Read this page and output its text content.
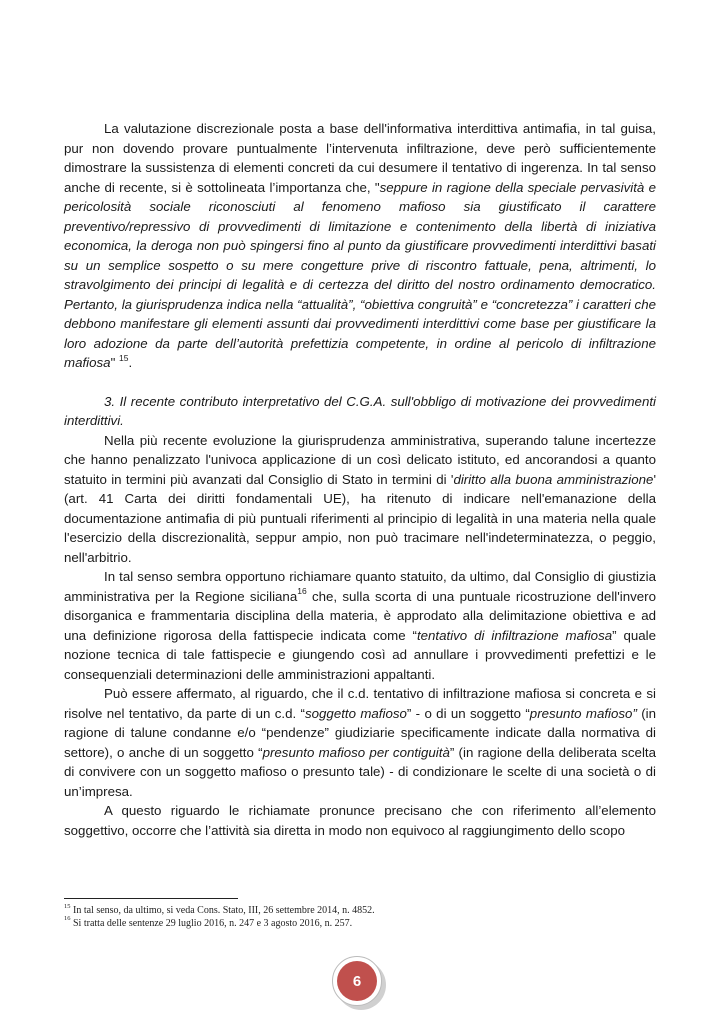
La valutazione discrezionale posta a base dell'informativa interdittiva antimafia, in tal guisa, pur non dovendo provare puntualmente l’intervenuta infiltrazione, deve però sufficientemente dimostrare la sussistenza di elementi concreti da cui desumere il tentativo di ingerenza. In tal senso anche di recente, si è sottolineata l’importanza che, "seppure in ragione della speciale pervasività e pericolosità sociale riconosciuti al fenomeno mafioso sia giustificato il carattere preventivo/repressivo di provvedimenti di limitazione e contenimento della libertà di iniziativa economica, la deroga non può spingersi fino al punto da giustificare provvedimenti interdittivi basati su un semplice sospetto o su mere congetture prive di riscontro fattuale, pena, altrimenti, lo stravolgimento dei principi di legalità e di certezza del diritto del nostro ordinamento democratico. Pertanto, la giurisprudenza indica nella “attualità”, “obiettiva congruità” e “concretezza” i caratteri che debbono manifestare gli elementi assunti dai provvedimenti interdittivi come base per giustificare la loro adozione da parte dell’autorità prefettizia competente, in ordine al pericolo di infiltrazione mafiosa" $^{15}$.

3. Il recente contributo interpretativo del C.G.A. sull'obbligo di motivazione dei provvedimenti interdittivi.

Nella più recente evoluzione la giurisprudenza amministrativa, superando talune incertezze che hanno penalizzato l'univoca applicazione di un così delicato istituto, ed ancorandosi a quanto statuito in termini più avanzati dal Consiglio di Stato in termini di 'diritto alla buona amministrazione' (art. 41 Carta dei diritti fondamentali UE), ha ritenuto di indicare nell'emanazione della documentazione antimafia di più puntuali riferimenti al principio di legalità in una materia nella quale l'esercizio della discrezionalità, seppur ampio, non può tracimare nell'indeterminatezza, o peggio, nell'arbitrio.

In tal senso sembra opportuno richiamare quanto statuito, da ultimo, dal Consiglio di giustizia amministrativa per la Regione siciliana$^{16}$ che, sulla scorta di una puntuale ricostruzione dell'invero disorganica e frammentaria disciplina della materia, è approdato alla delimitazione obiettiva e ad una definizione rigorosa della fattispecie indicata come “tentativo di infiltrazione mafiosa” quale nozione tecnica di tale fattispecie e giungendo così ad annullare i provvedimenti prefettizi e le consequenziali determinazioni delle amministrazioni appaltanti.

Può essere affermato, al riguardo, che il c.d. tentativo di infiltrazione mafiosa si concreta e si risolve nel tentativo, da parte di un c.d. “soggetto mafioso” - o di un soggetto “presunto mafioso” (in ragione di talune condanne e/o “pendenze” giudiziarie specificamente indicate dalla normativa di settore), o anche di un soggetto “presunto mafioso per contiguità” (in ragione della deliberata scelta di convivere con un soggetto mafioso o presunto tale) - di condizionare le scelte di una società o di un’impresa.

A questo riguardo le richiamate pronunce precisano che con riferimento all’elemento soggettivo, occorre che l’attività sia diretta in modo non equivoco al raggiungimento dello scopo

$^{15}$ In tal senso, da ultimo, si veda Cons. Stato, III, 26 settembre 2014, n. 4852.
$^{16}$ Si tratta delle sentenze 29 luglio 2016, n. 247 e 3 agosto 2016, n. 257.
6
